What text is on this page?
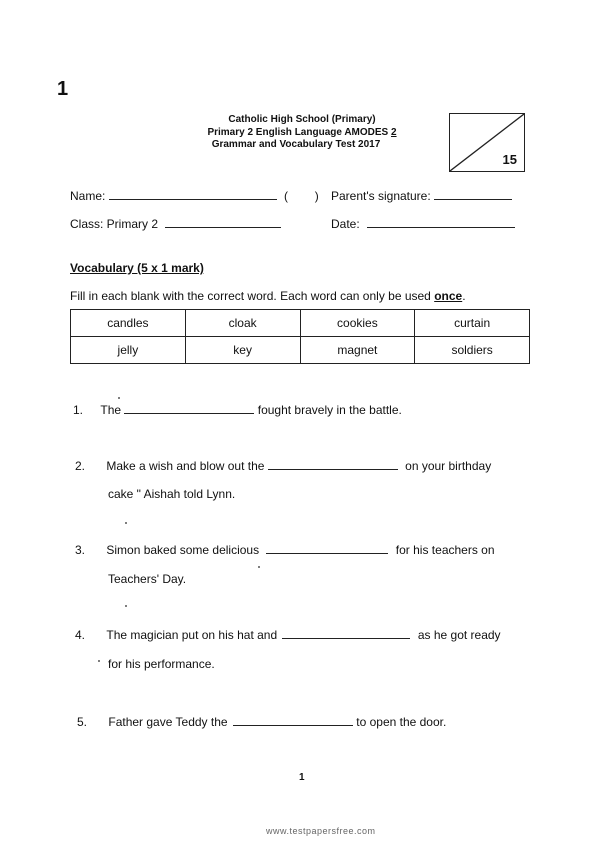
1
Catholic High School (Primary)
Primary 2 English Language AMODES 2
Grammar and Vocabulary Test 2017
15
Name:	( ) Parent's signature:
Class: Primary 2	Date:
Vocabulary (5 x 1 mark)
Fill in each blank with the correct word. Each word can only be used once.
candles	cloak	cookies	curtain
jelly	key	magnet	soldiers
1. The	fought bravely in the battle.
2. Make a wish and blow out the	on your birthday
cake " Aishah told Lynn.
3. Simon baked some delicious	for his teachers on
Teachers' Day.
4. The magician put on his hat and	as he got ready
for his performance.
5. Father gave Teddy the	to open the door.
1
www.testpapersfree.com
